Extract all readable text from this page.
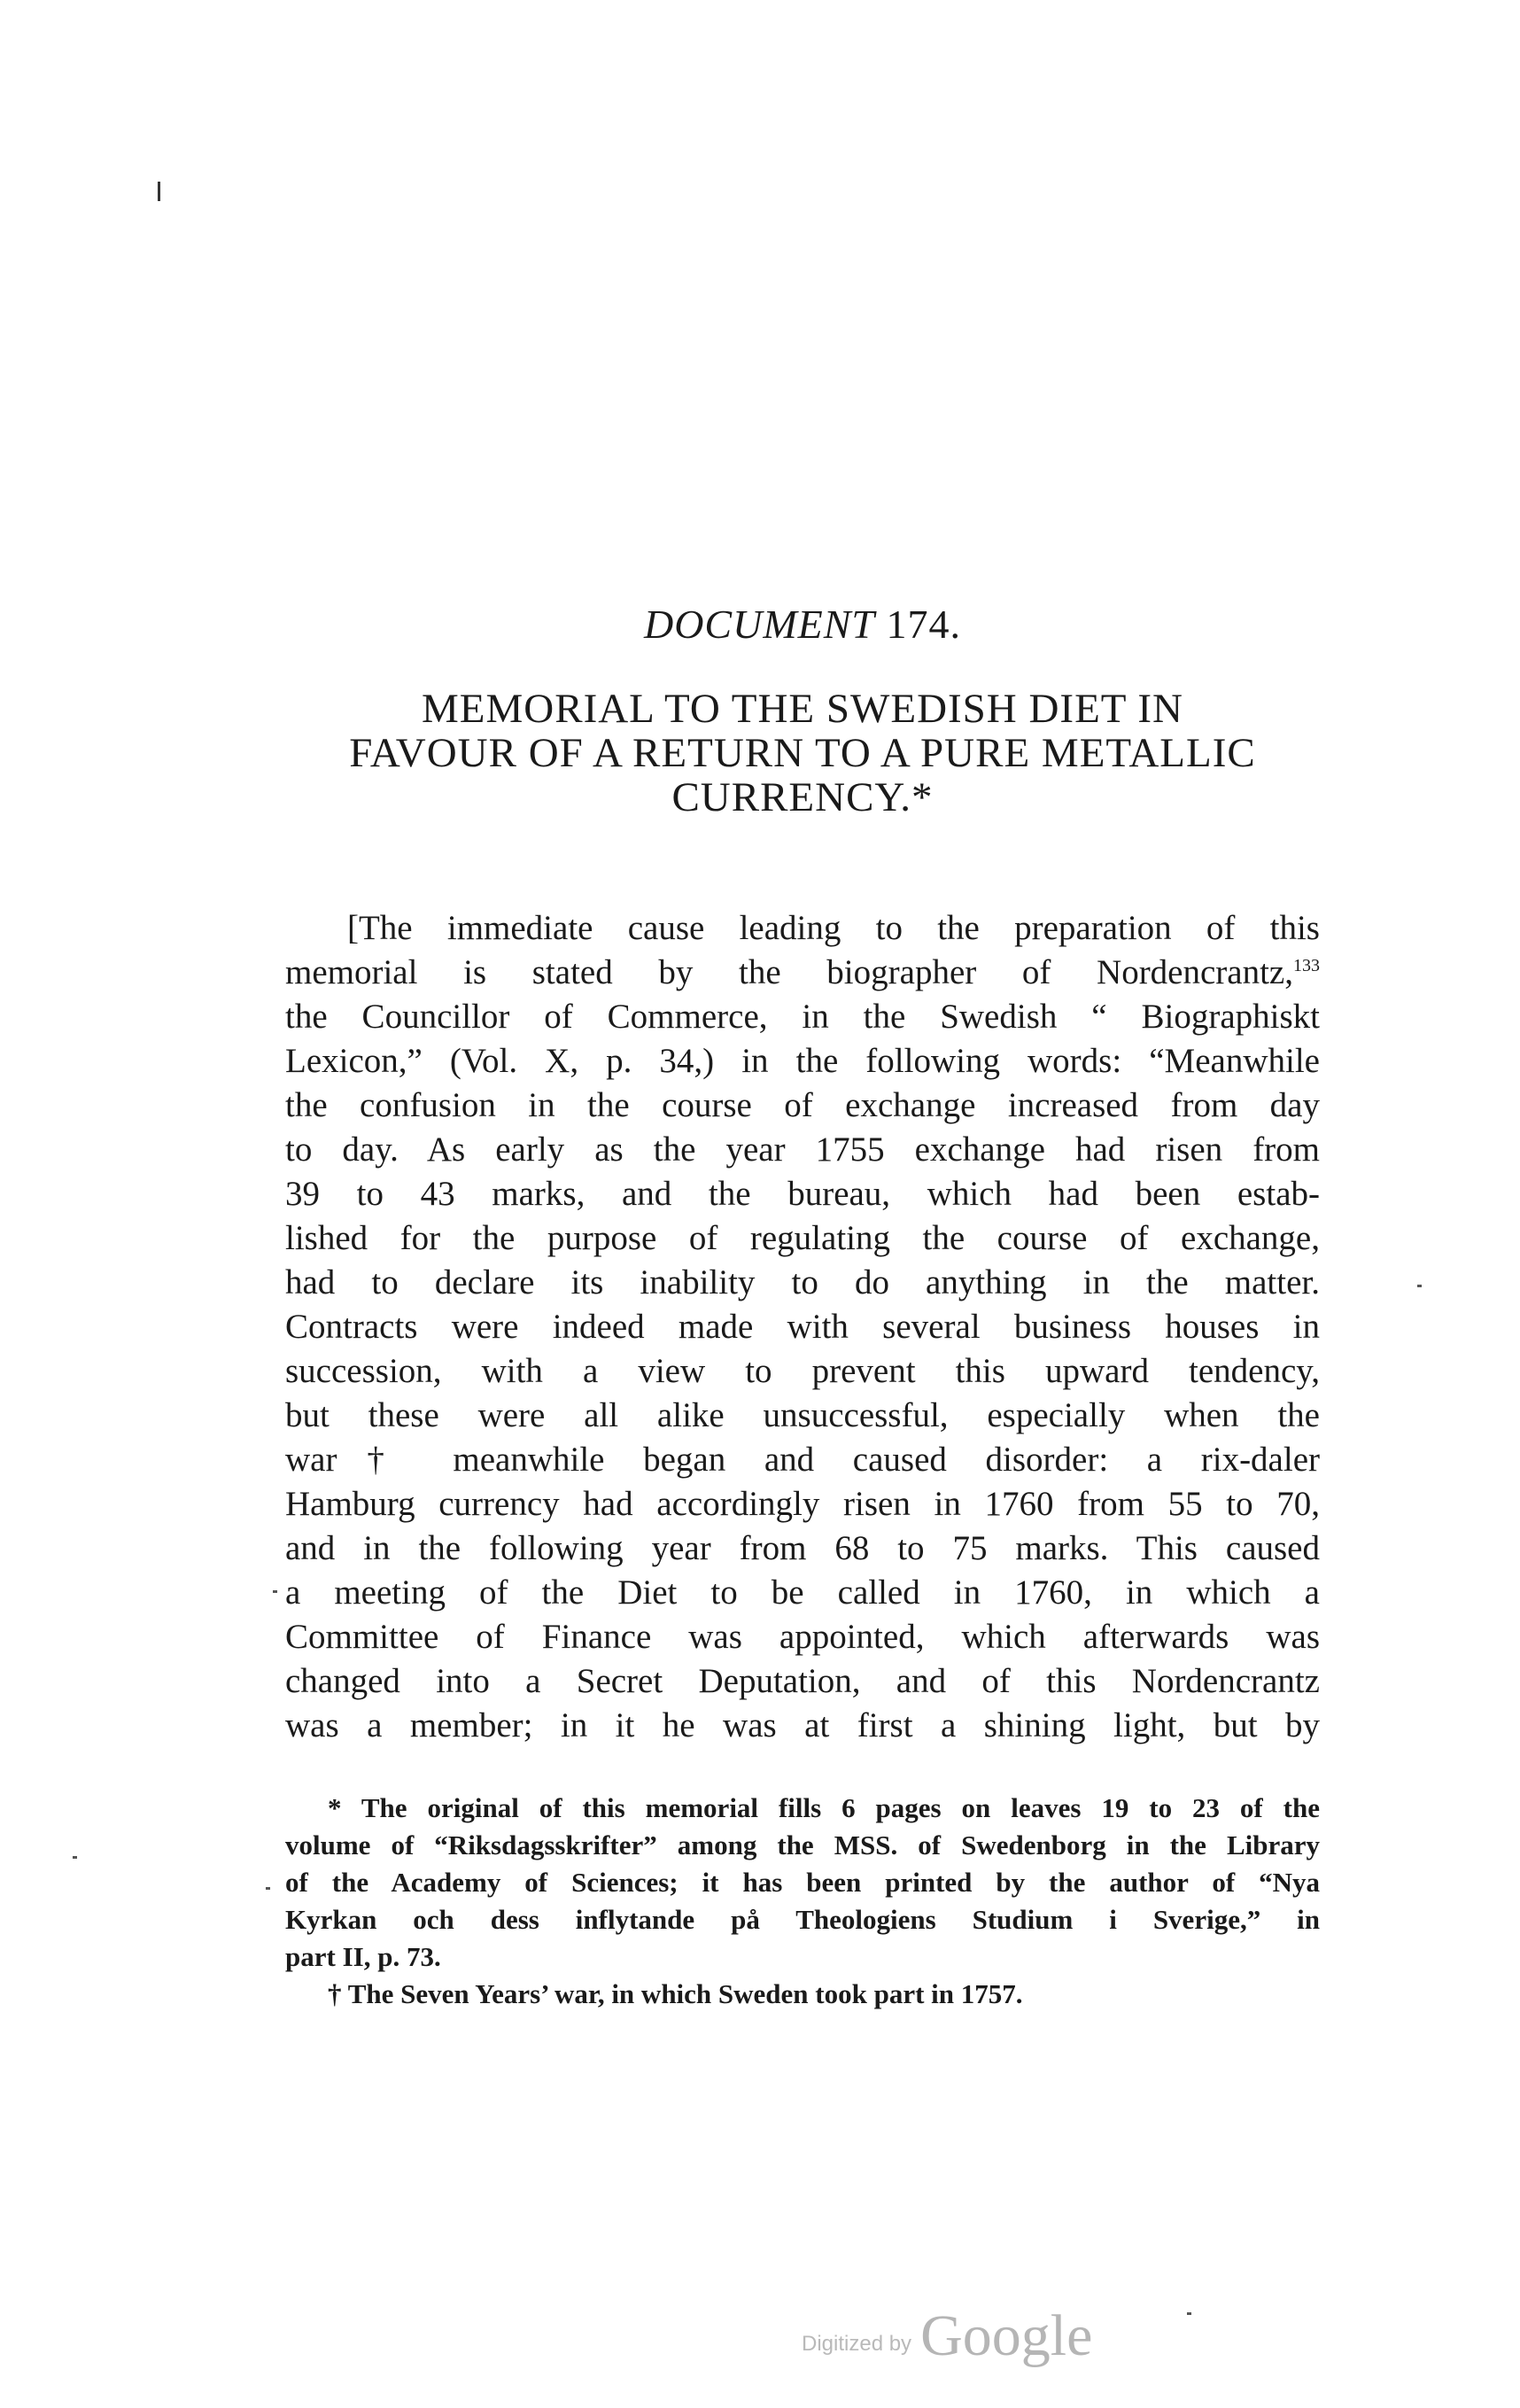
DOCUMENT 174.
MEMORIAL TO THE SWEDISH DIET IN
FAVOUR OF A RETURN TO A PURE METALLIC
CURRENCY.*
[The immediate cause leading to the preparation of this
memorial is stated by the biographer of Nordencrantz,$^{133}$
the Councillor of Commerce, in the Swedish “ Biographiskt
Lexicon,” (Vol. X, p. 34,) in the following words: “Meanwhile
the confusion in the course of exchange increased from day
to day. As early as the year 1755 exchange had risen from
39 to 43 marks, and the bureau, which had been estab-
lished for the purpose of regulating the course of exchange,
had to declare its inability to do anything in the matter.
Contracts were indeed made with several business houses in
succession, with a view to prevent this upward tendency,
but these were all alike unsuccessful, especially when the
war† meanwhile began and caused disorder: a rix-daler
Hamburg currency had accordingly risen in 1760 from 55 to 70,
and in the following year from 68 to 75 marks. This caused
a meeting of the Diet to be called in 1760, in which a
Committee of Finance was appointed, which afterwards was
changed into a Secret Deputation, and of this Nordencrantz
was a member; in it he was at first a shining light, but by
* The original of this memorial fills 6 pages on leaves 19 to 23 of the
volume of “Riksdagsskrifter” among the MSS. of Swedenborg in the Library
of the Academy of Sciences; it has been printed by the author of “Nya
Kyrkan och dess inflytande på Theologiens Studium i Sverige,” in
part II, p. 73.
† The Seven Years’ war, in which Sweden took part in 1757.
Digitized by Google
